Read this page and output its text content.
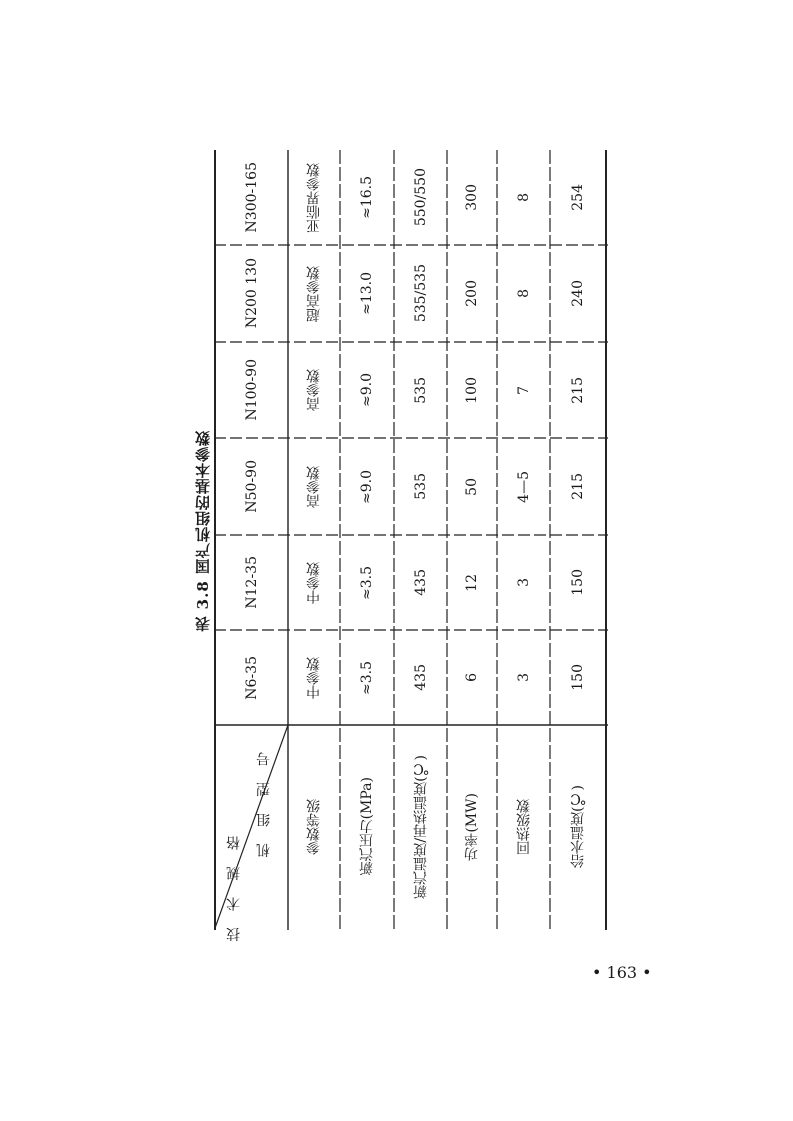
表 3.8 国产机组的基本参数
机 组 型 号
技 术 规 格
参数等级	新汽压力(MPa)	新汽温度/再热温度(℃)	功率(MW)	回热级数	给水温度(℃)
N6-35	中参数	≈3.5	435	6	3	150
N12-35	中参数	≈3.5	435	12	3	150
N50-90	高参数	≈9.0	535	50	4—5	215
N100-90	高参数	≈9.0	535	100	7	215
N200 130	超高参数	≈13.0	535/535	200	8	240
N300-165	亚临界参数	≈16.5	550/550	300	8	254
• 163 •
